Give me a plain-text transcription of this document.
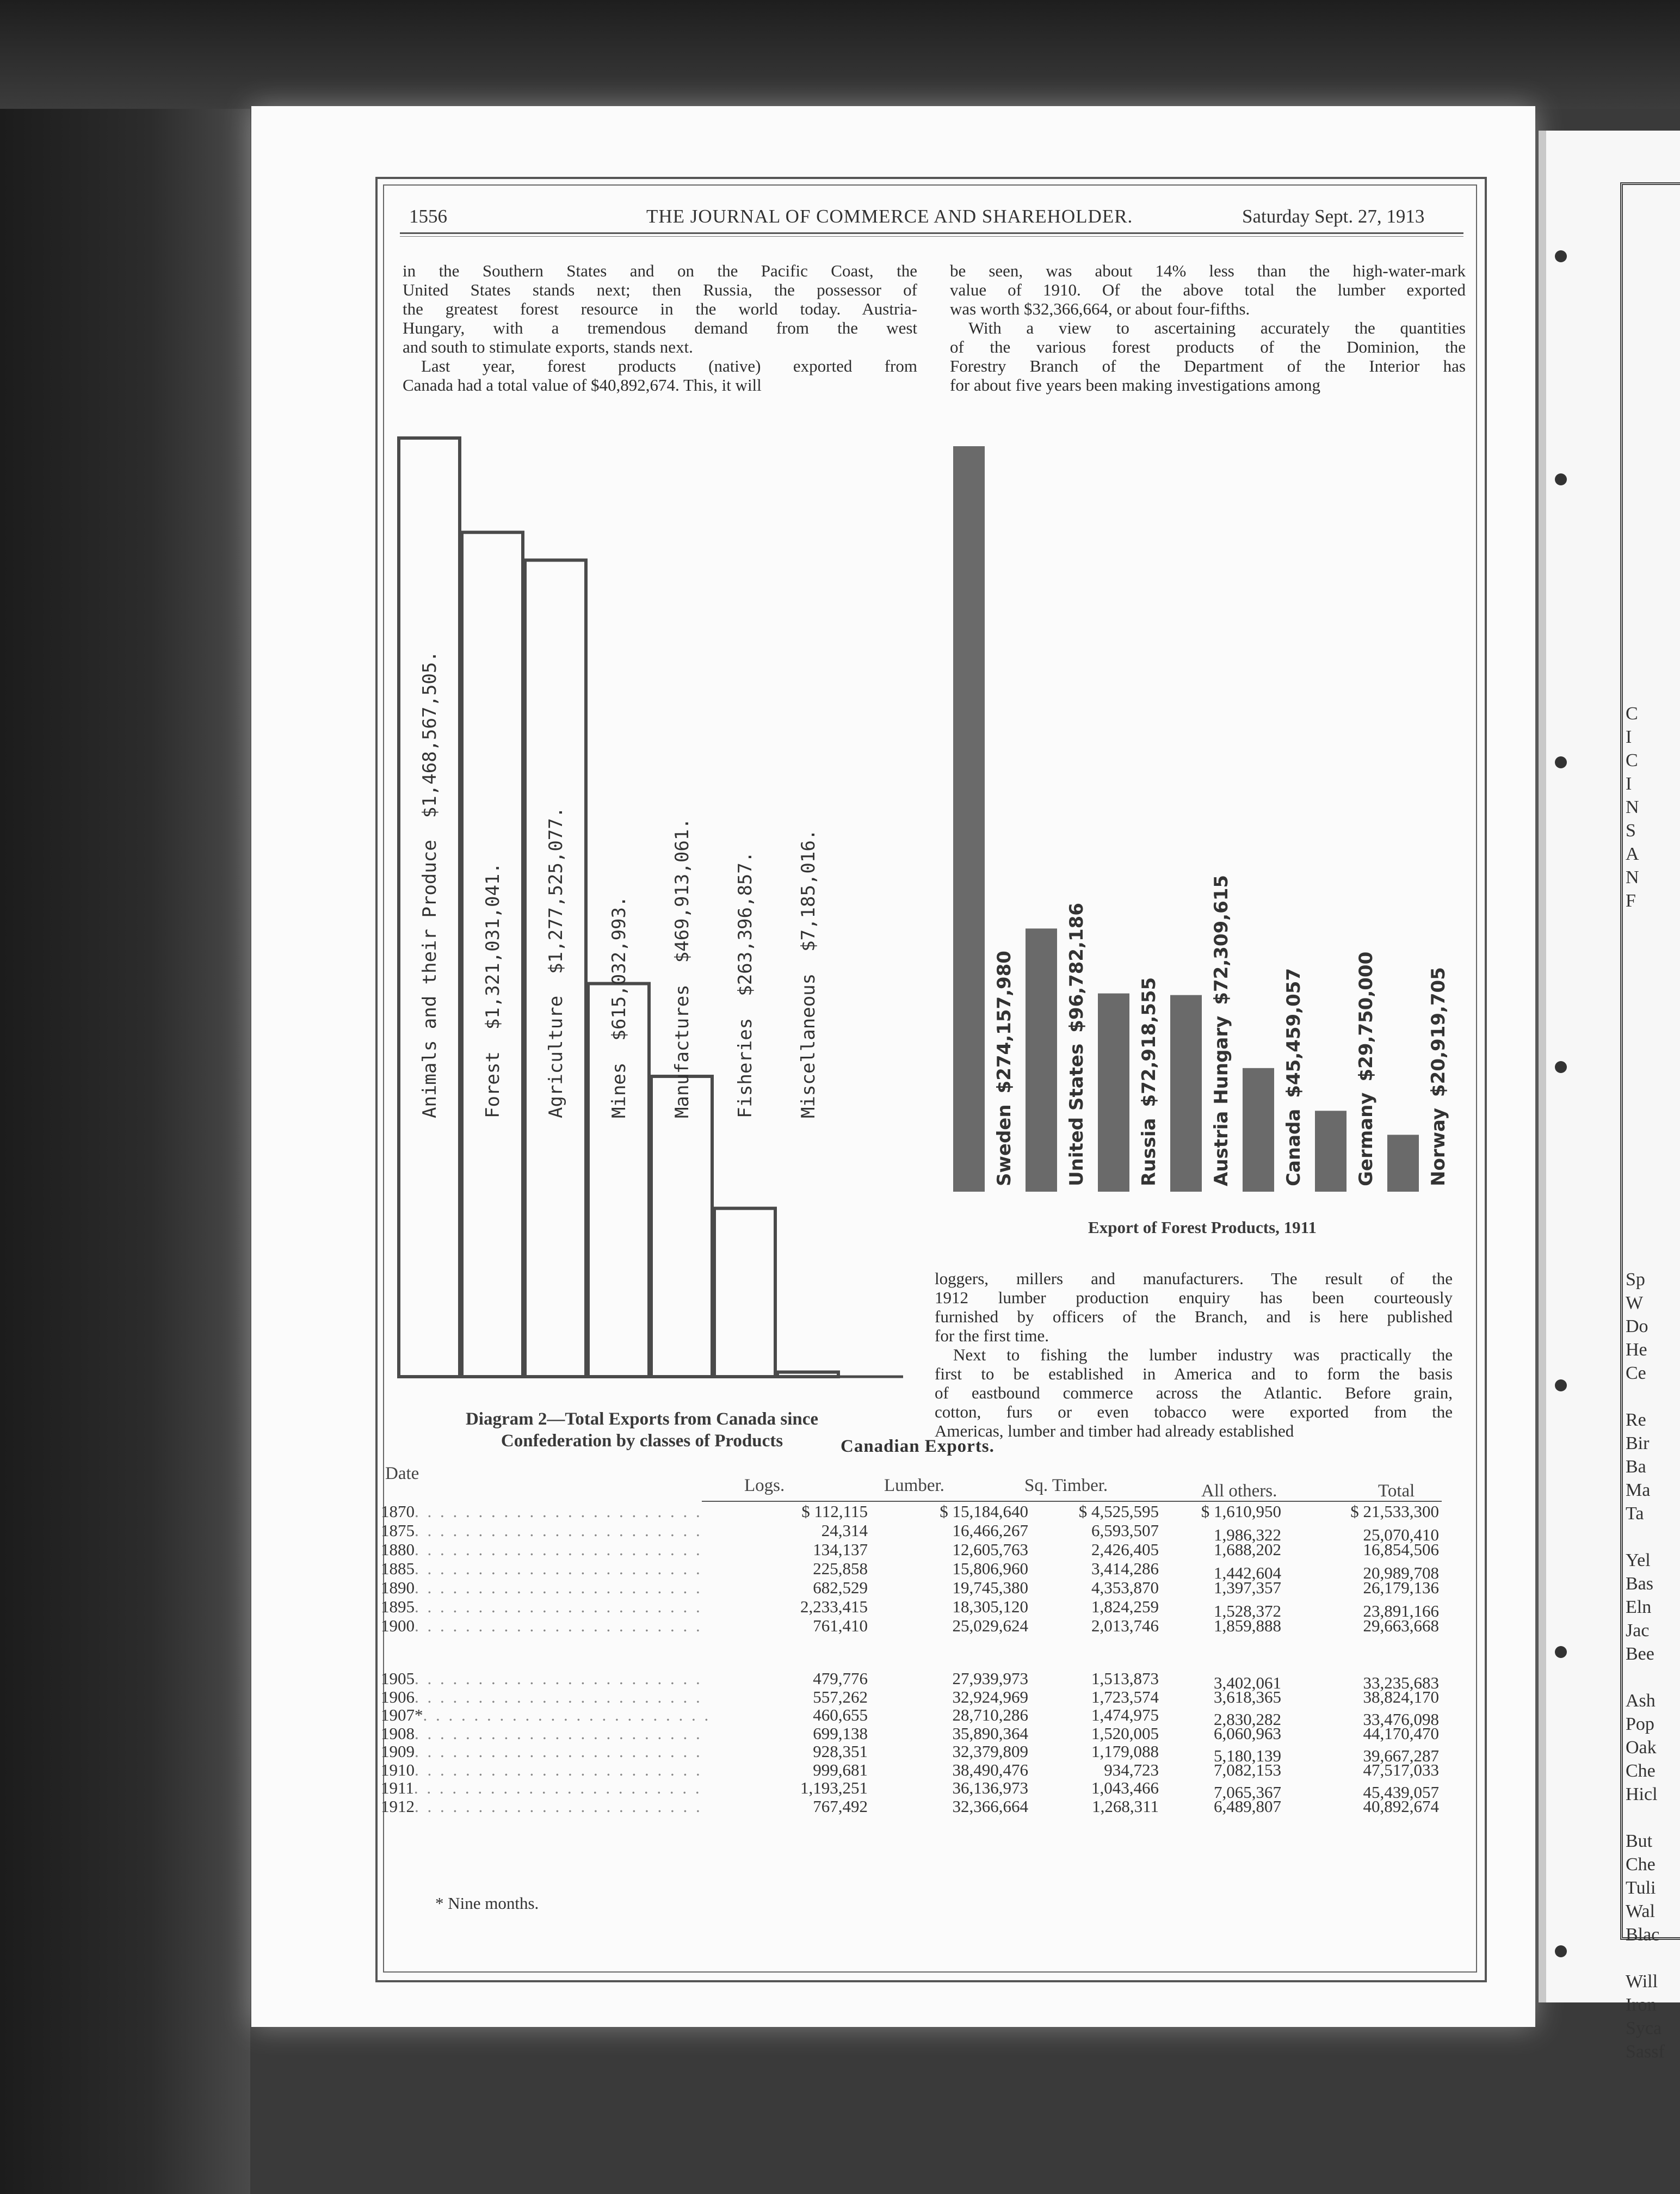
C
I
C
I
N
S
A
N
F
Sp
W
Do
He
Ce

Re
Bir
Ba
Ma
Ta

Yel
Bas
Eln
Jac
Bee

Ash
Pop
Oak
Che
Hicl

But
Che
Tuli
Wal
Blac

Will
Iron
Syca
Sassf
1556	THE JOURNAL OF COMMERCE AND SHAREHOLDER.	Saturday Sept. 27, 1913

in the Southern States and on the Pacific Coast, the

United States stands next; then Russia, the possessor of

the greatest forest resource in the world today. Austria-

Hungary, with a tremendous demand from the west

and south to stimulate exports, stands next.

Last year, forest products (native) exported from

Canada had a total value of $40,892,674. This, it will

be seen, was about 14% less than the high-water-mark

value of 1910. Of the above total the lumber exported

was worth $32,366,664, or about four-fifths.

With a view to ascertaining accurately the quantities

of the various forest products of the Dominion, the

Forestry Branch of the Department of the Interior has

for about five years been making investigations among

loggers, millers and manufacturers. The result of the

1912 lumber production enquiry has been courteously

furnished by officers of the Branch, and is here published

for the first time.

Next to fishing the lumber industry was practically the

first to be established in America and to form the basis

of eastbound commerce across the Atlantic. Before grain,

cotton, furs or even tobacco were exported from the

Americas, lumber and timber had already established

Animals and their Produce$1,468,567,505.
Forest$1,321,031,041.
Agriculture$1,277,525,077.
Mines$615,032,993.
Manufactures$469,913,061.
Fisheries$263,396,857.
Miscellaneous$7,185,016.
Diagram 2—Total Exports from Canada since
Confederation by classes of Products
Sweden$274,157,980
United States$96,782,186
Russia$72,918,555	Austria Hungary$72,309,615
Canada$45,459,057
Germany$29,750,000
Norway$20,919,705
Export of Forest Products, 1911
Canadian Exports.
Date
Logs.	Lumber.	Sq. Timber.	All others.	Total
1870. . . . . . . . . . . . . . . . . . . . . . .	$ 112,115	$ 15,184,640	$ 4,525,595	$ 1,610,950	$ 21,533,300
1875. . . . . . . . . . . . . . . . . . . . . . .	24,314	16,466,267	6,593,507	1,986,322	25,070,410
1880. . . . . . . . . . . . . . . . . . . . . . .	134,137	12,605,763	2,426,405	1,688,202	16,854,506
1885. . . . . . . . . . . . . . . . . . . . . . .	225,858	15,806,960	3,414,286	1,442,604	20,989,708
1890. . . . . . . . . . . . . . . . . . . . . . .	682,529	19,745,380	4,353,870	1,397,357	26,179,136
1895. . . . . . . . . . . . . . . . . . . . . . .	2,233,415	18,305,120	1,824,259	1,528,372	23,891,166
1900. . . . . . . . . . . . . . . . . . . . . . .	761,410	25,029,624	2,013,746	1,859,888	29,663,668
1905. . . . . . . . . . . . . . . . . . . . . . .	479,776	27,939,973	1,513,873	3,402,061	33,235,683
1906. . . . . . . . . . . . . . . . . . . . . . .	557,262	32,924,969	1,723,574	3,618,365	38,824,170
1907*. . . . . . . . . . . . . . . . . . . . . . .	460,655	28,710,286	1,474,975	2,830,282	33,476,098
1908. . . . . . . . . . . . . . . . . . . . . . .	699,138	35,890,364	1,520,005	6,060,963	44,170,470
1909. . . . . . . . . . . . . . . . . . . . . . .	928,351	32,379,809	1,179,088	5,180,139	39,667,287
1910. . . . . . . . . . . . . . . . . . . . . . .	999,681	38,490,476	934,723	7,082,153	47,517,033
1911. . . . . . . . . . . . . . . . . . . . . . .	1,193,251	36,136,973	1,043,466	7,065,367	45,439,057
1912. . . . . . . . . . . . . . . . . . . . . . .	767,492	32,366,664	1,268,311	6,489,807	40,892,674
* Nine months.
